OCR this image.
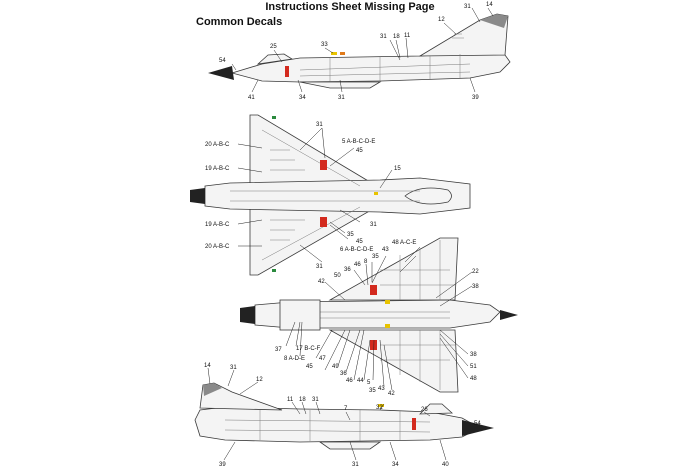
Instructions Sheet Missing Page
Common Decals
31	14
12
33
25
31 18 11
54
41	34	31	39
31
5 A-B-C-D-E
45
20 A-B-C
19 A-B-C	15
19 A-B-C	31
20 A-B-C
35
45
6 A-B-C-D-E
31
48 A-C-E
43
35
8
46
36
50
22
42
38
38
51
48
37 17 B-C-F
8 A-D-E 47
45	49
36
46 44 5
35 43
42
14	31
12
11 18 31
7	32	26
54
39	31	34	40
